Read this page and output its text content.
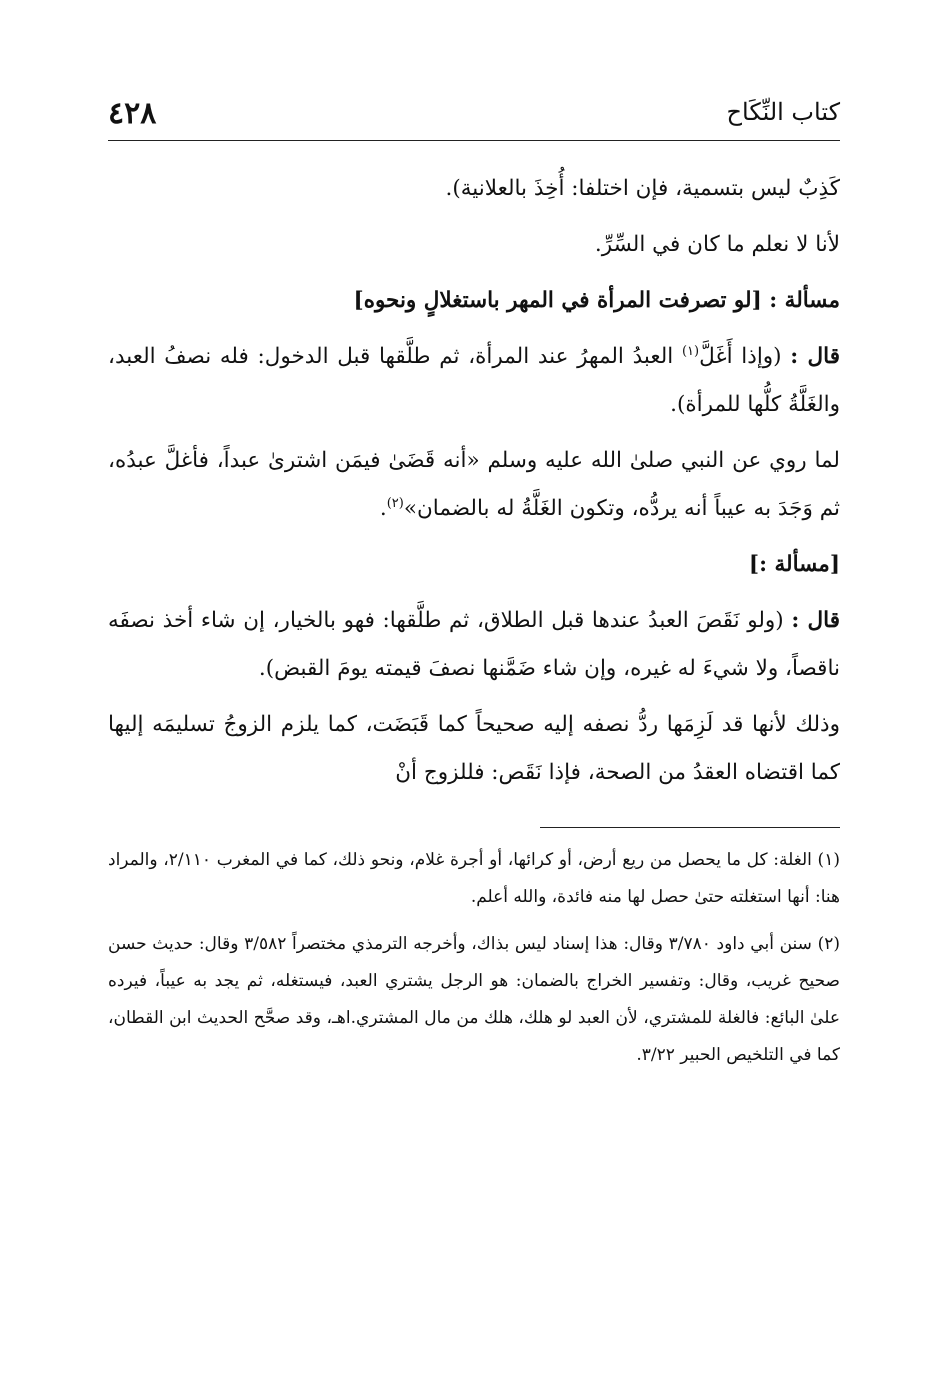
كتاب النِّكَاح
٤٢٨

كَذِبٌ ليس بتسمية، فإن اختلفا: أُخِذَ بالعلانية).

لأنا لا نعلم ما كان في السِّرِّ.

مسألة : [لو تصرفت المرأة في المهر باستغلالٍ ونحوه]

قال : (وإذا أَغَلَّ$^{(١)}$ العبدُ المهرُ عند المرأة، ثم طلَّقها قبل الدخول: فله نصفُ العبد، والغَلَّةُ كلُّها للمرأة).

لما روي عن النبي صلىٰ الله عليه وسلم «أنه قَضَىٰ فيمَن اشترىٰ عبداً، فأغلَّ عبدُه، ثم وَجَدَ به عيباً أنه يردُّه، وتكون الغَلَّةُ له بالضمان»$^{(٢)}$.

[مسألة :]

قال : (ولو نَقَصَ العبدُ عندها قبل الطلاق، ثم طلَّقها: فهو بالخيار، إن شاء أخذ نصفَه ناقصاً، ولا شيءَ له غيره، وإن شاء ضَمَّنها نصفَ قيمته يومَ القبض).

وذلك لأنها قد لَزِمَها ردُّ نصفه إليه صحيحاً كما قَبَضَت، كما يلزم الزوجُ تسليمَه إليها كما اقتضاه العقدُ من الصحة، فإذا نَقَص: فللزوج أنْ

(١) الغلة: كل ما يحصل من ريع أرض، أو كرائها، أو أجرة غلام، ونحو ذلك، كما في المغرب ٢/١١٠، والمراد هنا: أنها استغلته حتىٰ حصل لها منه فائدة، والله أعلم.

(٢) سنن أبي داود ٣/٧٨٠ وقال: هذا إسناد ليس بذاك، وأخرجه الترمذي مختصراً ٣/٥٨٢ وقال: حديث حسن صحيح غريب، وقال: وتفسير الخراج بالضمان: هو الرجل يشتري العبد، فيستغله، ثم يجد به عيباً، فيرده علىٰ البائع: فالغلة للمشتري، لأن العبد لو هلك، هلك من مال المشتري.اهـ، وقد صحَّح الحديث ابن القطان، كما في التلخيص الحبير ٣/٢٢.
